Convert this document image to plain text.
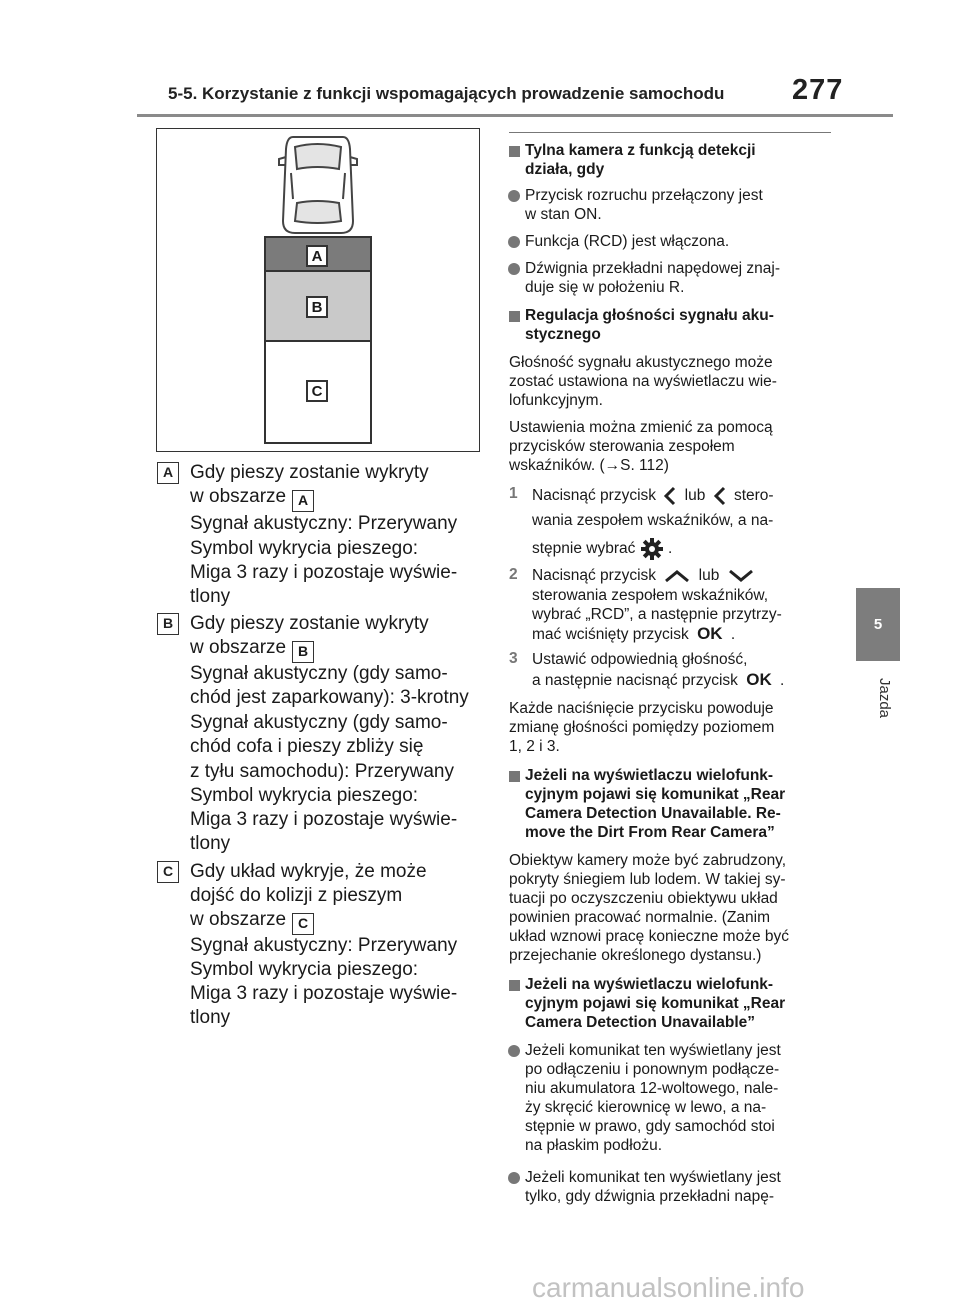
5-5. Korzystanie z funkcji wspomagających prowadzenie samochodu 277
5
Jazda
A
B
C
A Gdy pieszy zostanie wykryty
w obszarze A
Sygnał akustyczny: Przerywany
Symbol wykrycia pieszego:
Miga 3 razy i pozostaje wyświe-
tlony
B Gdy pieszy zostanie wykryty
w obszarze B
Sygnał akustyczny (gdy samo-
chód jest zaparkowany): 3-krotny
Sygnał akustyczny (gdy samo-
chód cofa i pieszy zbliży się
z tyłu samochodu): Przerywany
Symbol wykrycia pieszego:
Miga 3 razy i pozostaje wyświe-
tlony
C Gdy układ wykryje, że może
dojść do kolizji z pieszym
w obszarze C
Sygnał akustyczny: Przerywany
Symbol wykrycia pieszego:
Miga 3 razy i pozostaje wyświe-
tlony
Tylna kamera z funkcją detekcji
działa, gdy
Przycisk rozruchu przełączony jest
w stan ON.
Funkcja (RCD) jest włączona.
Dźwignia przekładni napędowej znaj-
duje się w położeniu R.
Regulacja głośności sygnału aku-
stycznego
Głośność sygnału akustycznego może
zostać ustawiona na wyświetlaczu wie-
lofunkcyjnym.
Ustawienia można zmienić za pomocą
przycisków sterowania zespołem
wskaźników. (→S. 112)
1 Nacisnąć przycisk lub stero-
wania zespołem wskaźników, a na-
stępnie wybrać .
2 Nacisnąć przycisk	lub
sterowania zespołem wskaźników,
wybrać „RCD”, a następnie przytrzy-
mać wciśnięty przycisk OK .
3 Ustawić odpowiednią głośność,
a następnie nacisnąć przycisk OK .
Każde naciśnięcie przycisku powoduje
zmianę głośności pomiędzy poziomem
1, 2 i 3.
Jeżeli na wyświetlaczu wielofunk-
cyjnym pojawi się komunikat „Rear
Camera Detection Unavailable. Re-
move the Dirt From Rear Camera”
Obiektyw kamery może być zabrudzony,
pokryty śniegiem lub lodem. W takiej sy-
tuacji po oczyszczeniu obiektywu układ
powinien pracować normalnie. (Zanim
układ wznowi pracę konieczne może być
przejechanie określonego dystansu.)
Jeżeli na wyświetlaczu wielofunk-
cyjnym pojawi się komunikat „Rear
Camera Detection Unavailable”
Jeżeli komunikat ten wyświetlany jest
po odłączeniu i ponownym podłącze-
niu akumulatora 12-woltowego, nale-
ży skręcić kierownicę w lewo, a na-
stępnie w prawo, gdy samochód stoi
na płaskim podłożu.
Jeżeli komunikat ten wyświetlany jest
tylko, gdy dźwignia przekładni napę-
carmanualsonline.info
